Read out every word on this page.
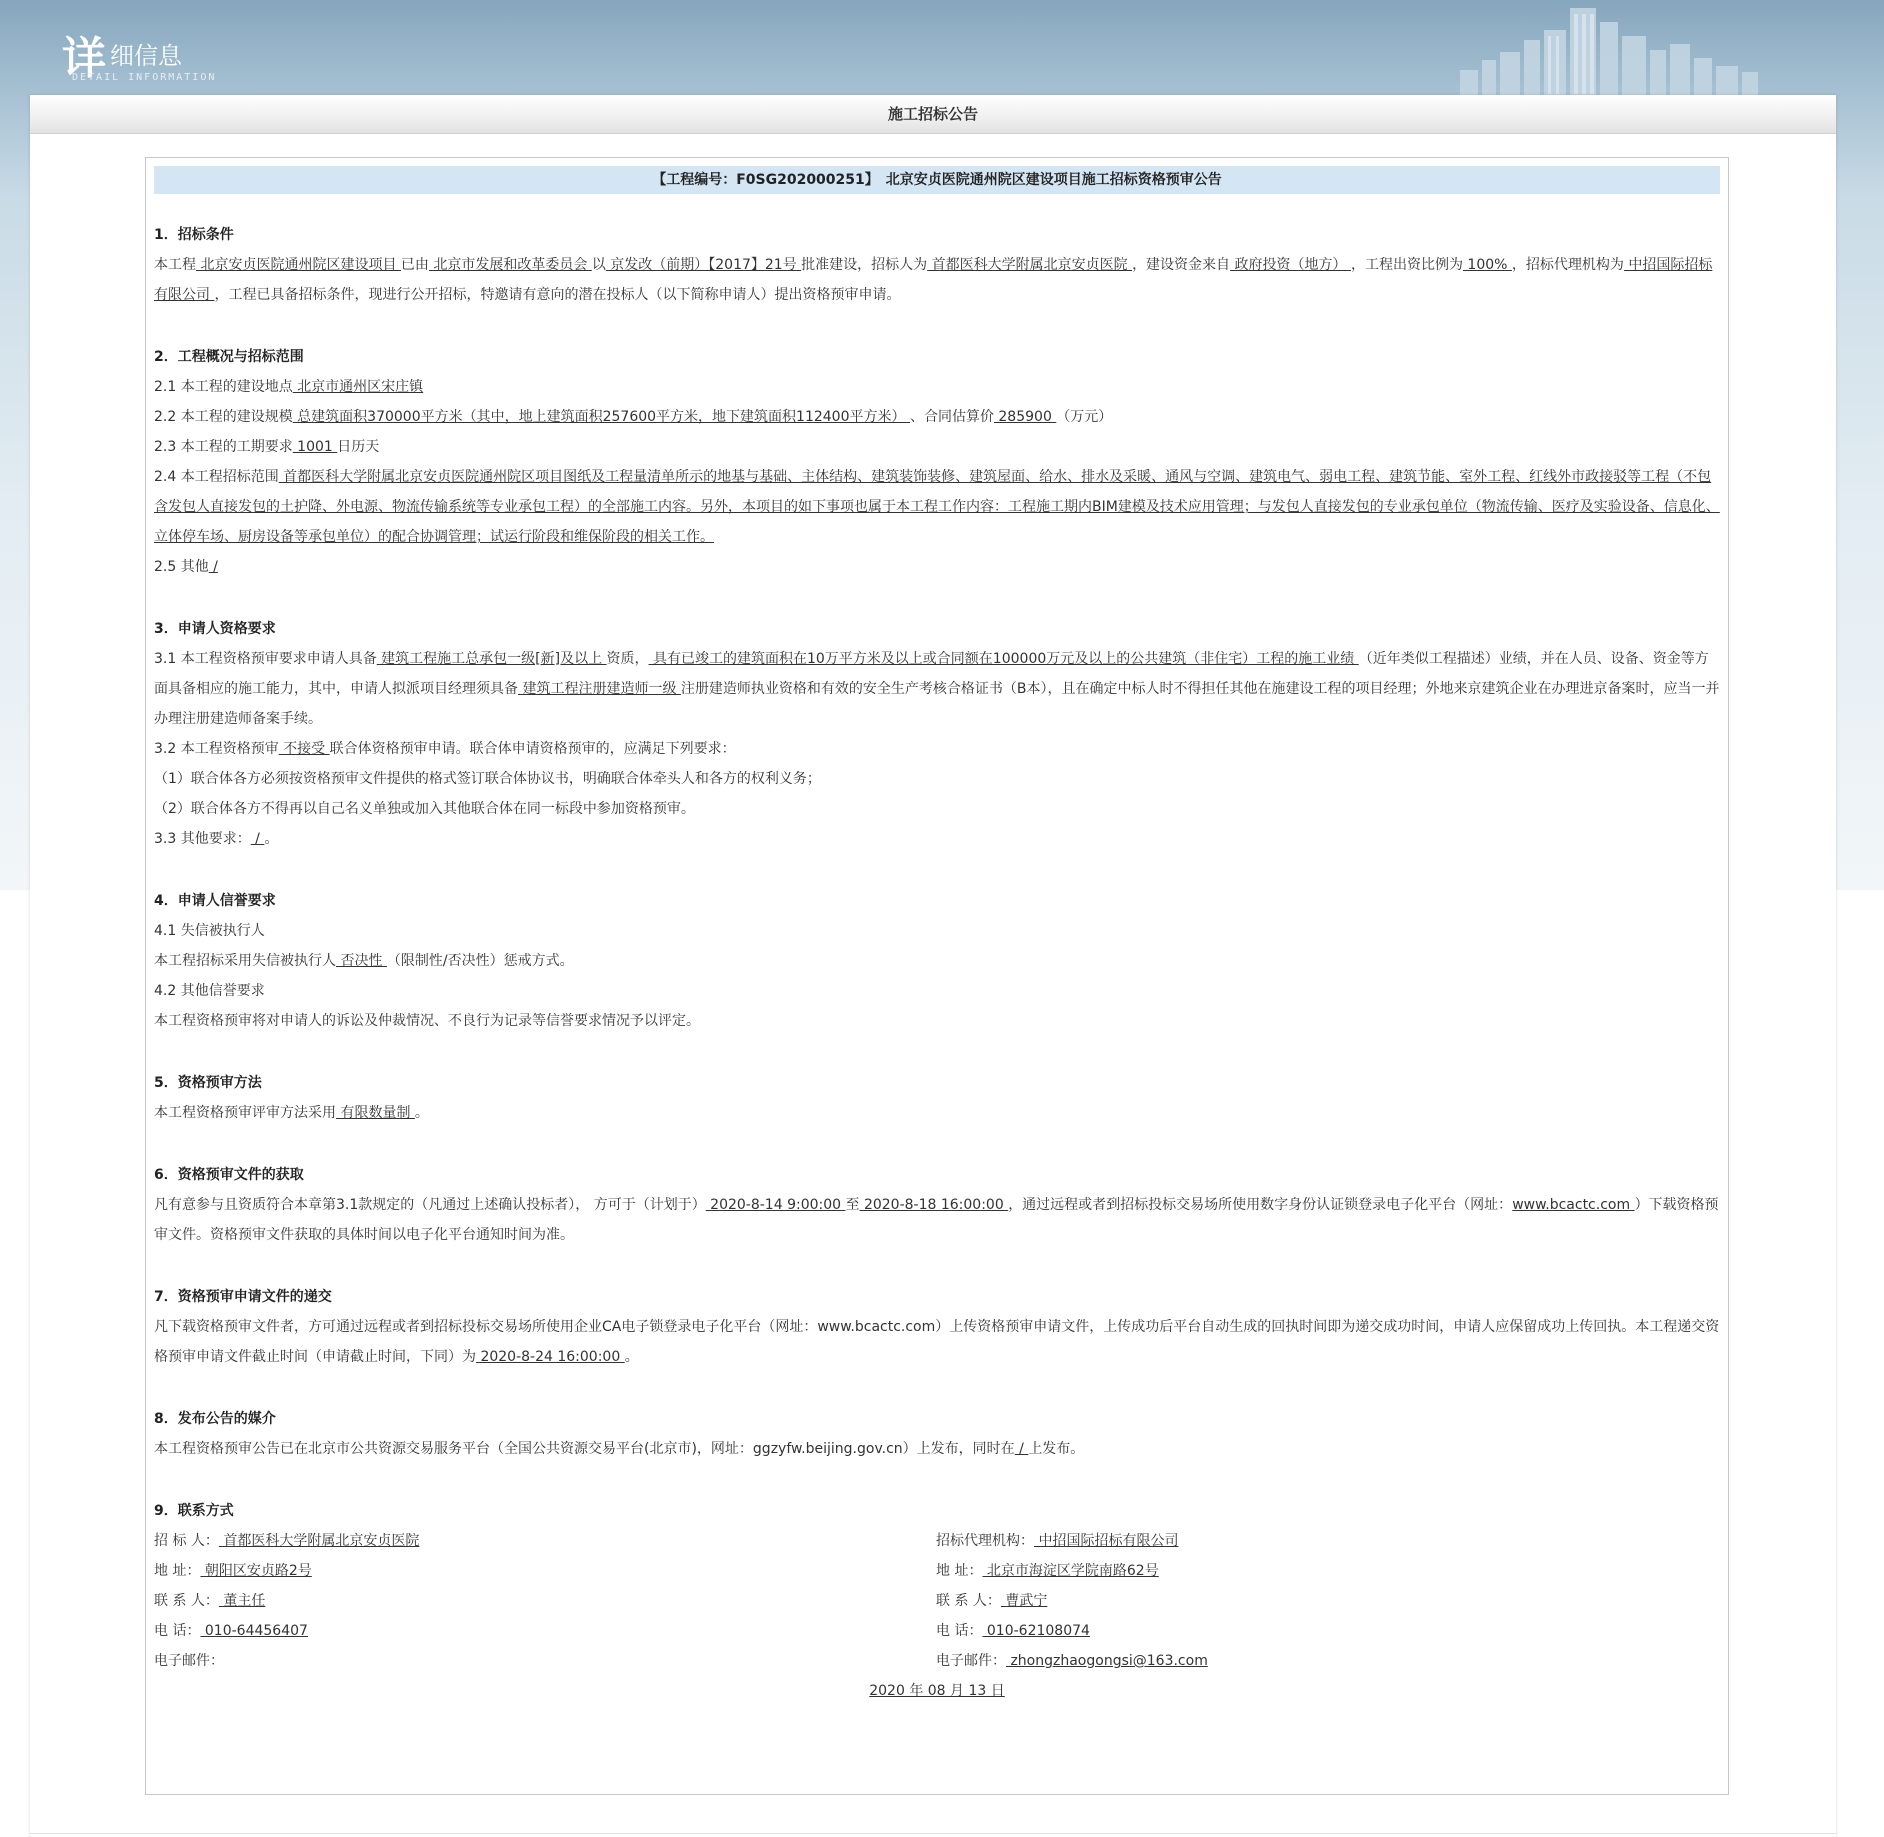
详 细信息
DETAIL INFORMATION
施工招标公告
【工程编号：F0SG202000251】　北京安贞医院通州院区建设项目施工招标资格预审公告

1．招标条件

本工程 北京安贞医院通州院区建设项目 已由 北京市发展和改革委员会 以 京发改（前期）【2017】21号 批准建设，招标人为 首都医科大学附属北京安贞医院 ，建设资金来自 政府投资（地方） ，工程出资比例为 100% ，招标代理机构为 中招国际招标有限公司 ，工程已具备招标条件，现进行公开招标，特邀请有意向的潜在投标人（以下简称申请人）提出资格预审申请。

2．工程概况与招标范围

2.1 本工程的建设地点 北京市通州区宋庄镇

2.2 本工程的建设规模 总建筑面积370000平方米（其中，地上建筑面积257600平方米，地下建筑面积112400平方米） 、合同估算价 285900 （万元）

2.3 本工程的工期要求 1001 日历天

2.4 本工程招标范围 首都医科大学附属北京安贞医院通州院区项目图纸及工程量清单所示的地基与基础、主体结构、建筑装饰装修、建筑屋面、给水、排水及采暖、通风与空调、建筑电气、弱电工程、建筑节能、室外工程、红线外市政接驳等工程（不包含发包人直接发包的土护降、外电源、物流传输系统等专业承包工程）的全部施工内容。另外，本项目的如下事项也属于本工程工作内容：工程施工期内BIM建模及技术应用管理；与发包人直接发包的专业承包单位（物流传输、医疗及实验设备、信息化、立体停车场、厨房设备等承包单位）的配合协调管理；试运行阶段和维保阶段的相关工作。

2.5 其他 /

3．申请人资格要求

3.1 本工程资格预审要求申请人具备 建筑工程施工总承包一级[新]及以上 资质， 具有已竣工的建筑面积在10万平方米及以上或合同额在100000万元及以上的公共建筑（非住宅）工程的施工业绩 （近年类似工程描述）业绩，并在人员、设备、资金等方面具备相应的施工能力，其中，申请人拟派项目经理须具备 建筑工程注册建造师一级 注册建造师执业资格和有效的安全生产考核合格证书（B本），且在确定中标人时不得担任其他在施建设工程的项目经理；外地来京建筑企业在办理进京备案时，应当一并办理注册建造师备案手续。

3.2 本工程资格预审 不接受 联合体资格预审申请。联合体申请资格预审的，应满足下列要求：

（1）联合体各方必须按资格预审文件提供的格式签订联合体协议书，明确联合体牵头人和各方的权利义务；

（2）联合体各方不得再以自己名义单独或加入其他联合体在同一标段中参加资格预审。

3.3 其他要求： / 。

4．申请人信誉要求

4.1 失信被执行人

本工程招标采用失信被执行人 否决性 （限制性/否决性）惩戒方式。

4.2 其他信誉要求

本工程资格预审将对申请人的诉讼及仲裁情况、不良行为记录等信誉要求情况予以评定。

5．资格预审方法

本工程资格预审评审方法采用 有限数量制 。

6．资格预审文件的获取

凡有意参与且资质符合本章第3.1款规定的（凡通过上述确认投标者）， 方可于（计划于） 2020-8-14 9:00:00 至 2020-8-18 16:00:00 ，通过远程或者到招标投标交易场所使用数字身份认证锁登录电子化平台（网址：www.bcactc.com ）下载资格预审文件。资格预审文件获取的具体时间以电子化平台通知时间为准。

7．资格预审申请文件的递交

凡下载资格预审文件者，方可通过远程或者到招标投标交易场所使用企业CA电子锁登录电子化平台（网址：www.bcactc.com）上传资格预审申请文件，上传成功后平台自动生成的回执时间即为递交成功时间，申请人应保留成功上传回执。本工程递交资格预审申请文件截止时间（申请截止时间，下同）为 2020-8-24 16:00:00 。

8．发布公告的媒介

本工程资格预审公告已在北京市公共资源交易服务平台（全国公共资源交易平台(北京市)，网址：ggzyfw.beijing.gov.cn）上发布，同时在 / 上发布。

9．联系方式

招 标 人： 首都医科大学附属北京安贞医院

地 址： 朝阳区安贞路2号

联 系 人： 董主任

电 话： 010-64456407

电子邮件：

招标代理机构： 中招国际招标有限公司

地 址： 北京市海淀区学院南路62号

联 系 人： 曹武宁

电 话： 010-62108074

电子邮件： zhongzhaogongsi@163.com

2020 年 08 月 13 日
